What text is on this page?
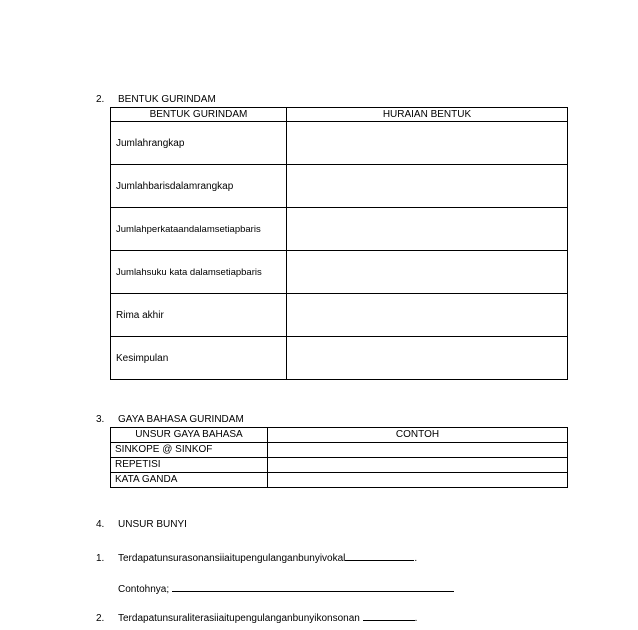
2. BENTUK GURINDAM
BENTUK GURINDAM	HURAIAN BENTUK
Jumlahrangkap	
Jumlahbarisdalamrangkap	
Jumlahperkataandalamsetiapbaris	
Jumlahsuku kata dalamsetiapbaris	
Rima akhir	
Kesimpulan	
3. GAYA BAHASA GURINDAM
UNSUR GAYA BAHASA	CONTOH
SINKOPE @ SINKOF	
REPETISI	
KATA GANDA	
4. UNSUR BUNYI
1. Terdapatunsurasonansiiaitupengulanganbunyivokal	.
Contohnya;
2. Terdapatunsuraliterasiiaitupengulanganbunyikonsonan	.
